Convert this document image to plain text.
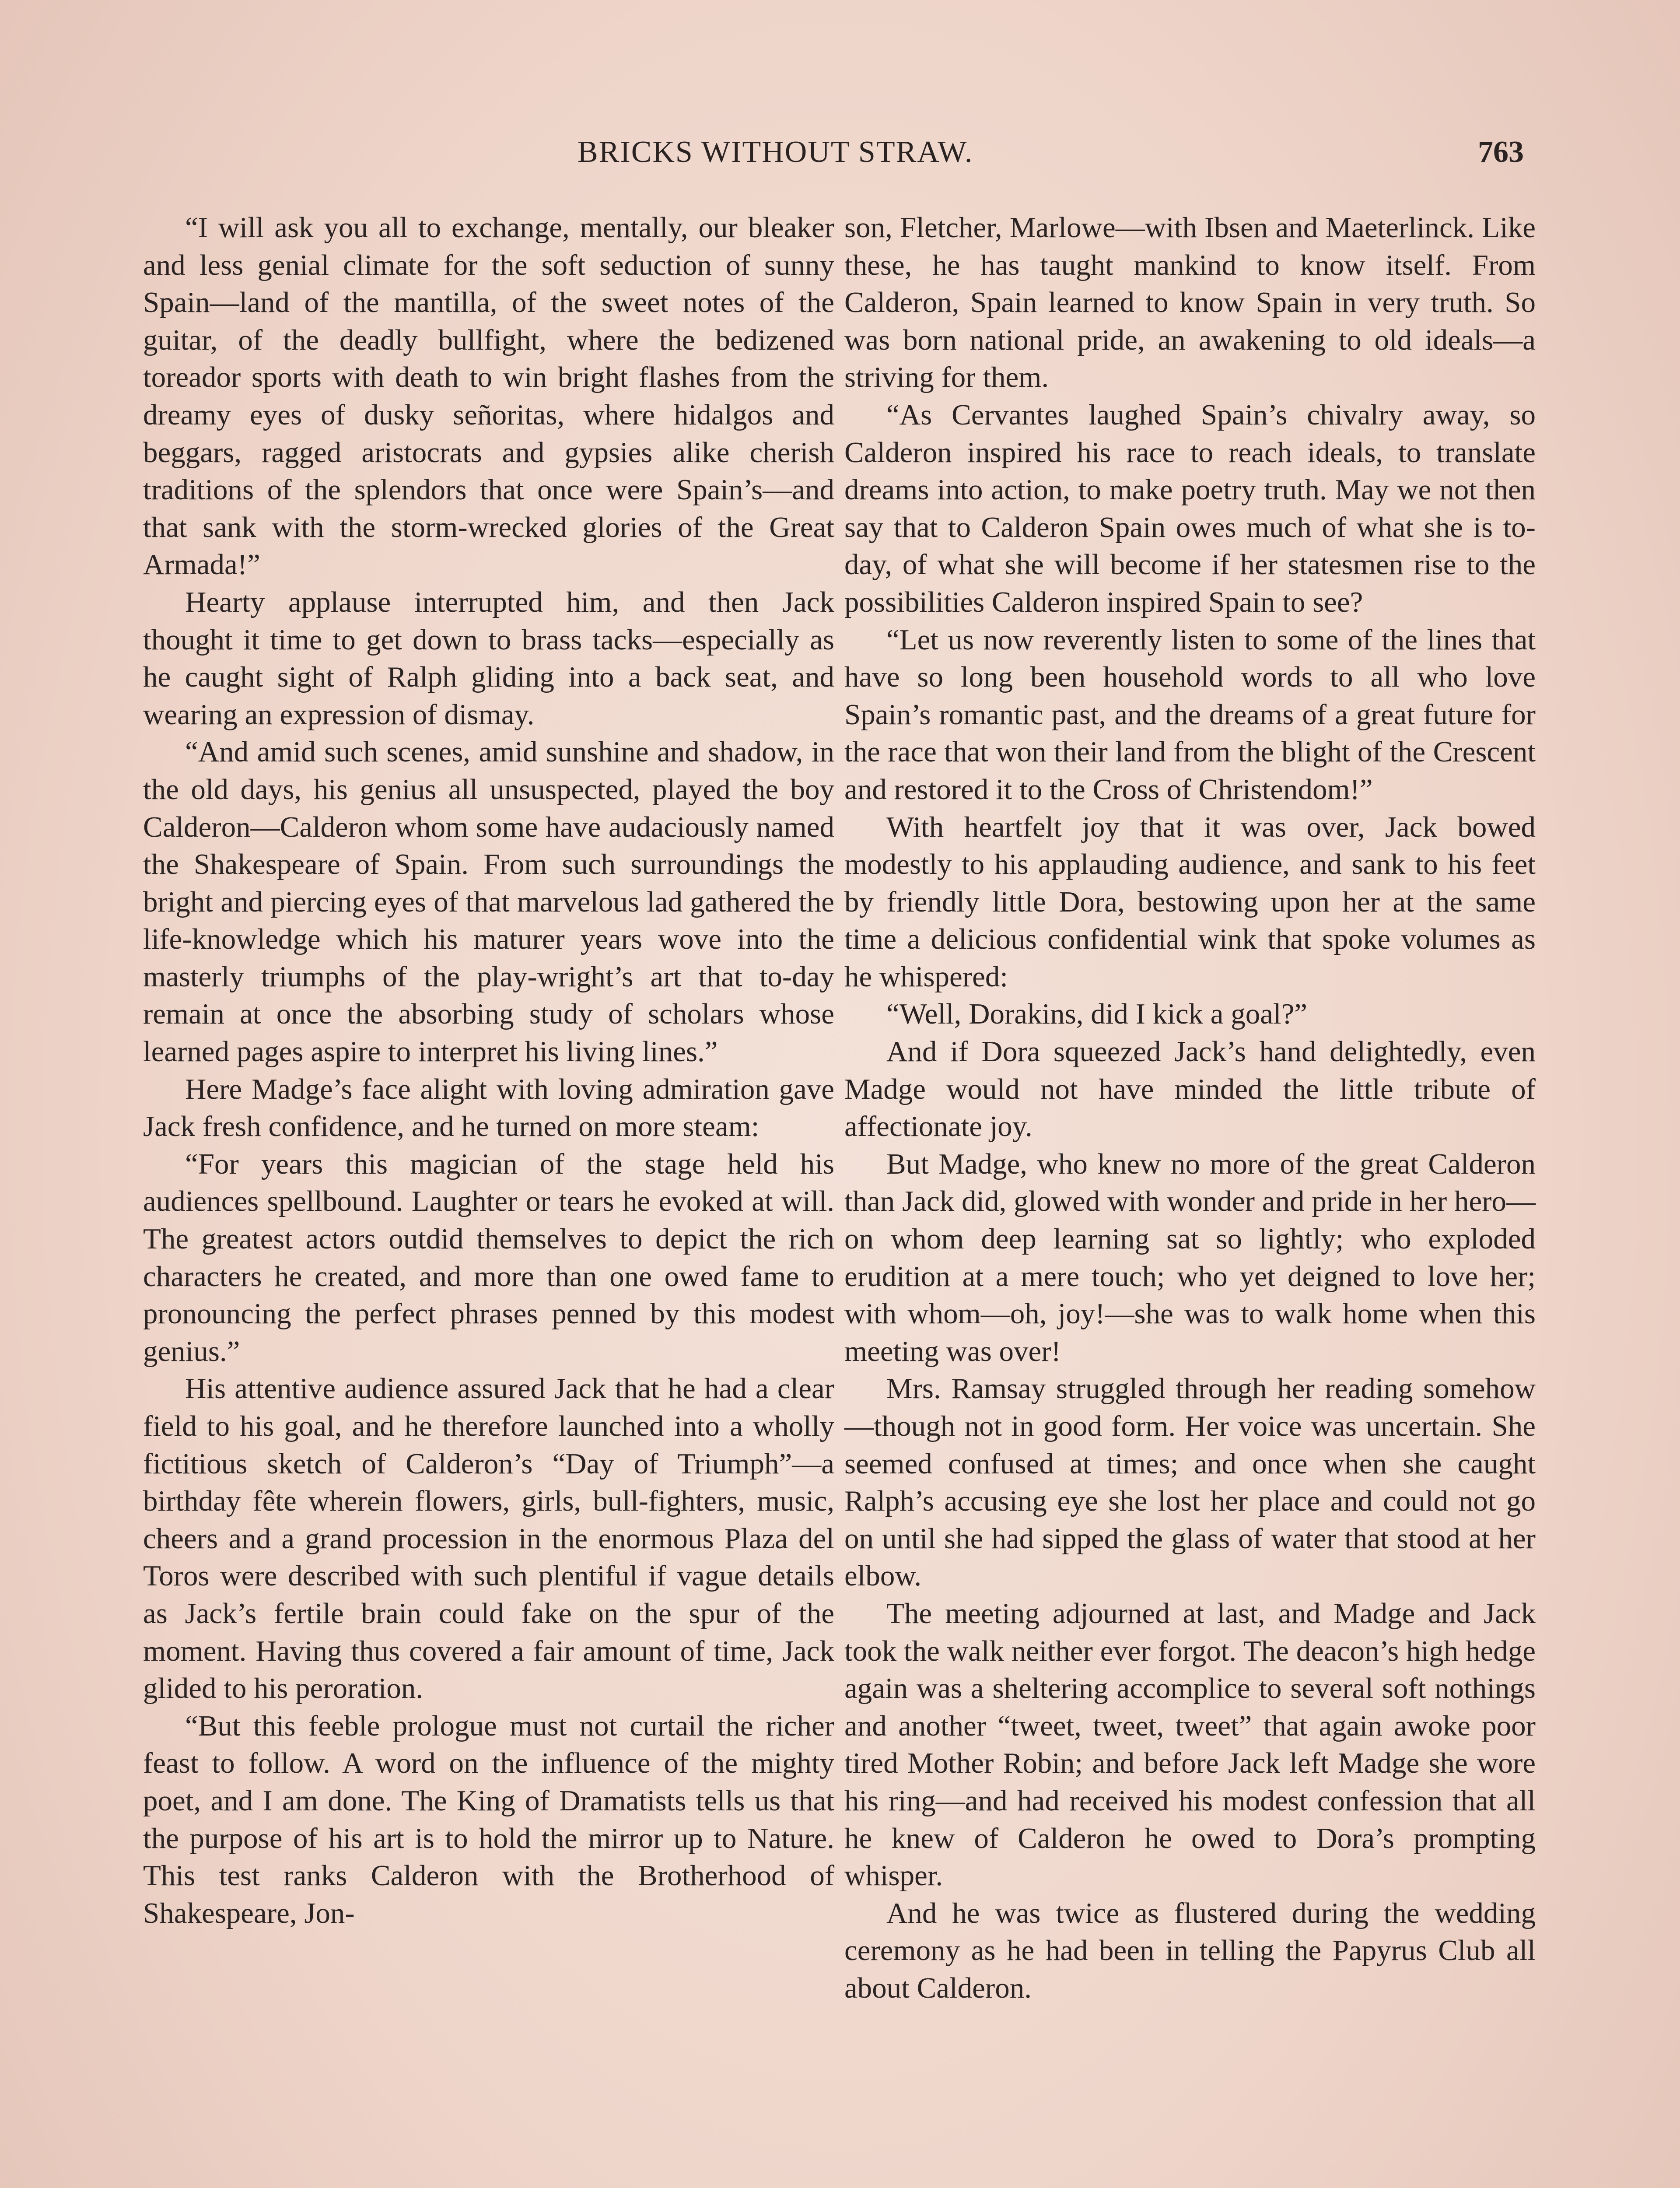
BRICKS WITHOUT STRAW.	763

“I will ask you all to exchange, mentally, our bleaker and less genial climate for the soft seduction of sunny Spain—land of the mantilla, of the sweet notes of the guitar, of the deadly bullfight, where the bedizened toreador sports with death to win bright flashes from the dreamy eyes of dusky señoritas, where hidalgos and beggars, ragged aristocrats and gypsies alike cherish traditions of the splendors that once were Spain’s—and that sank with the storm-wrecked glories of the Great Armada!”

Hearty applause interrupted him, and then Jack thought it time to get down to brass tacks—especially as he caught sight of Ralph gliding into a back seat, and wearing an expression of dismay.

“And amid such scenes, amid sunshine and shadow, in the old days, his genius all unsuspected, played the boy Calderon—Calderon whom some have audaciously named the Shakespeare of Spain. From such surroundings the bright and piercing eyes of that marvelous lad gathered the life-knowledge which his maturer years wove into the masterly triumphs of the play-wright’s art that to-day remain at once the absorbing study of scholars whose learned pages aspire to interpret his living lines.”

Here Madge’s face alight with loving admiration gave Jack fresh confidence, and he turned on more steam:

“For years this magician of the stage held his audiences spellbound. Laughter or tears he evoked at will. The greatest actors outdid themselves to depict the rich characters he created, and more than one owed fame to pronouncing the perfect phrases penned by this modest genius.”

His attentive audience assured Jack that he had a clear field to his goal, and he therefore launched into a wholly fictitious sketch of Calderon’s “Day of Triumph”—a birthday fête wherein flowers, girls, bull-fighters, music, cheers and a grand procession in the enormous Plaza del Toros were described with such plentiful if vague details as Jack’s fertile brain could fake on the spur of the moment. Having thus covered a fair amount of time, Jack glided to his peroration.

“But this feeble prologue must not curtail the richer feast to follow. A word on the influence of the mighty poet, and I am done. The King of Dramatists tells us that the purpose of his art is to hold the mirror up to Nature. This test ranks Calderon with the Brotherhood of Shakespeare, Jon-

son, Fletcher, Marlowe—with Ibsen and Maeterlinck. Like these, he has taught mankind to know itself. From Calderon, Spain learned to know Spain in very truth. So was born national pride, an awakening to old ideals—a striving for them.

“As Cervantes laughed Spain’s chivalry away, so Calderon inspired his race to reach ideals, to translate dreams into action, to make poetry truth. May we not then say that to Calderon Spain owes much of what she is to-day, of what she will become if her statesmen rise to the possibilities Calderon inspired Spain to see?

“Let us now reverently listen to some of the lines that have so long been household words to all who love Spain’s romantic past, and the dreams of a great future for the race that won their land from the blight of the Crescent and restored it to the Cross of Christendom!”

With heartfelt joy that it was over, Jack bowed modestly to his applauding audience, and sank to his feet by friendly little Dora, bestowing upon her at the same time a delicious confidential wink that spoke volumes as he whispered:

“Well, Dorakins, did I kick a goal?”

And if Dora squeezed Jack’s hand delightedly, even Madge would not have minded the little tribute of affectionate joy.

But Madge, who knew no more of the great Calderon than Jack did, glowed with wonder and pride in her hero—on whom deep learning sat so lightly; who exploded erudition at a mere touch; who yet deigned to love her; with whom—oh, joy!—she was to walk home when this meeting was over!

Mrs. Ramsay struggled through her reading somehow—though not in good form. Her voice was uncertain. She seemed confused at times; and once when she caught Ralph’s accusing eye she lost her place and could not go on until she had sipped the glass of water that stood at her elbow.

The meeting adjourned at last, and Madge and Jack took the walk neither ever forgot. The deacon’s high hedge again was a sheltering accomplice to several soft nothings and another “tweet, tweet, tweet” that again awoke poor tired Mother Robin; and before Jack left Madge she wore his ring—and had received his modest confession that all he knew of Calderon he owed to Dora’s prompting whisper.

And he was twice as flustered during the wedding ceremony as he had been in telling the Papyrus Club all about Calderon.
